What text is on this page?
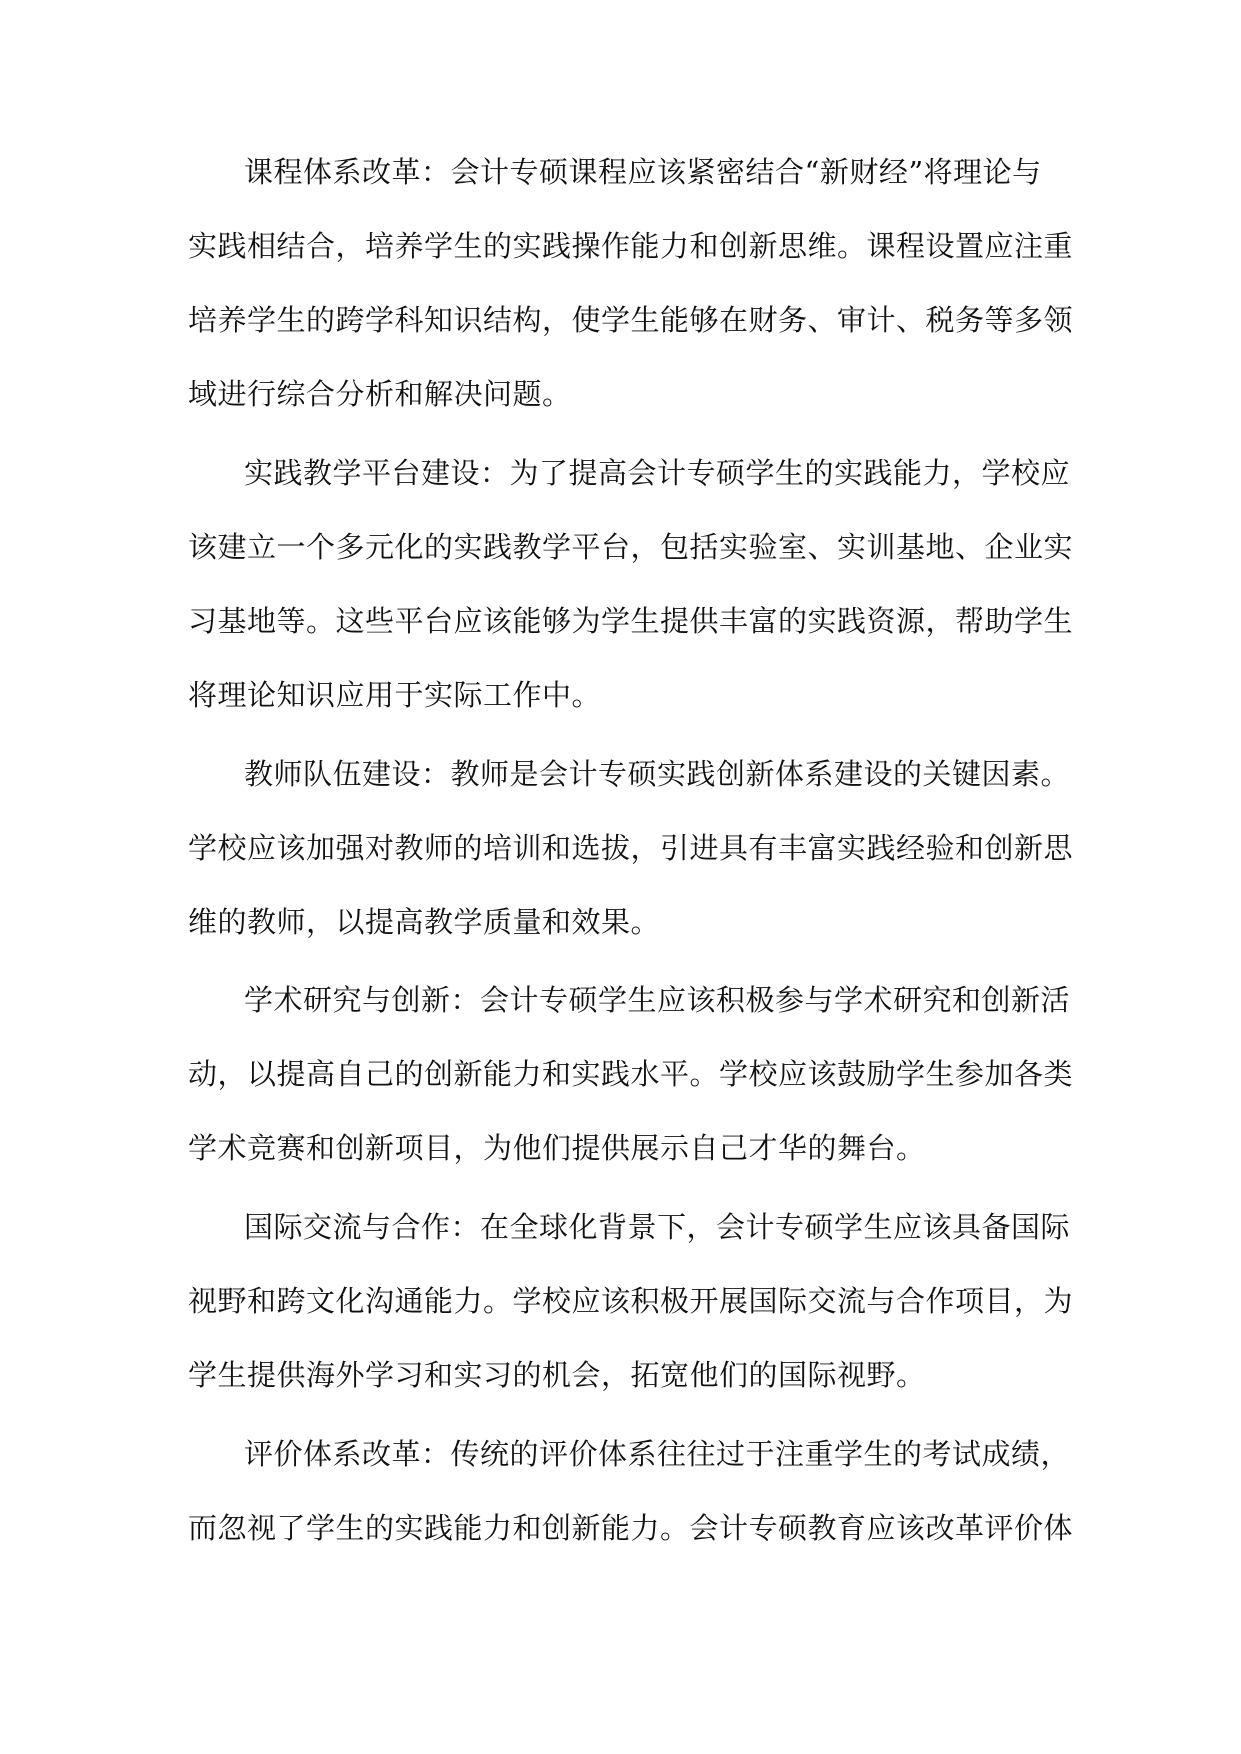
课程体系改革：会计专硕课程应该紧密结合“新财经”将理论与

实践相结合，培养学生的实践操作能力和创新思维。课程设置应注重

培养学生的跨学科知识结构，使学生能够在财务、审计、税务等多领

域进行综合分析和解决问题。

实践教学平台建设：为了提高会计专硕学生的实践能力，学校应

该建立一个多元化的实践教学平台，包括实验室、实训基地、企业实

习基地等。这些平台应该能够为学生提供丰富的实践资源，帮助学生

将理论知识应用于实际工作中。

教师队伍建设：教师是会计专硕实践创新体系建设的关键因素。

学校应该加强对教师的培训和选拔，引进具有丰富实践经验和创新思

维的教师，以提高教学质量和效果。

学术研究与创新：会计专硕学生应该积极参与学术研究和创新活

动，以提高自己的创新能力和实践水平。学校应该鼓励学生参加各类

学术竞赛和创新项目，为他们提供展示自己才华的舞台。

国际交流与合作：在全球化背景下，会计专硕学生应该具备国际

视野和跨文化沟通能力。学校应该积极开展国际交流与合作项目，为

学生提供海外学习和实习的机会，拓宽他们的国际视野。

评价体系改革：传统的评价体系往往过于注重学生的考试成绩，

而忽视了学生的实践能力和创新能力。会计专硕教育应该改革评价体
